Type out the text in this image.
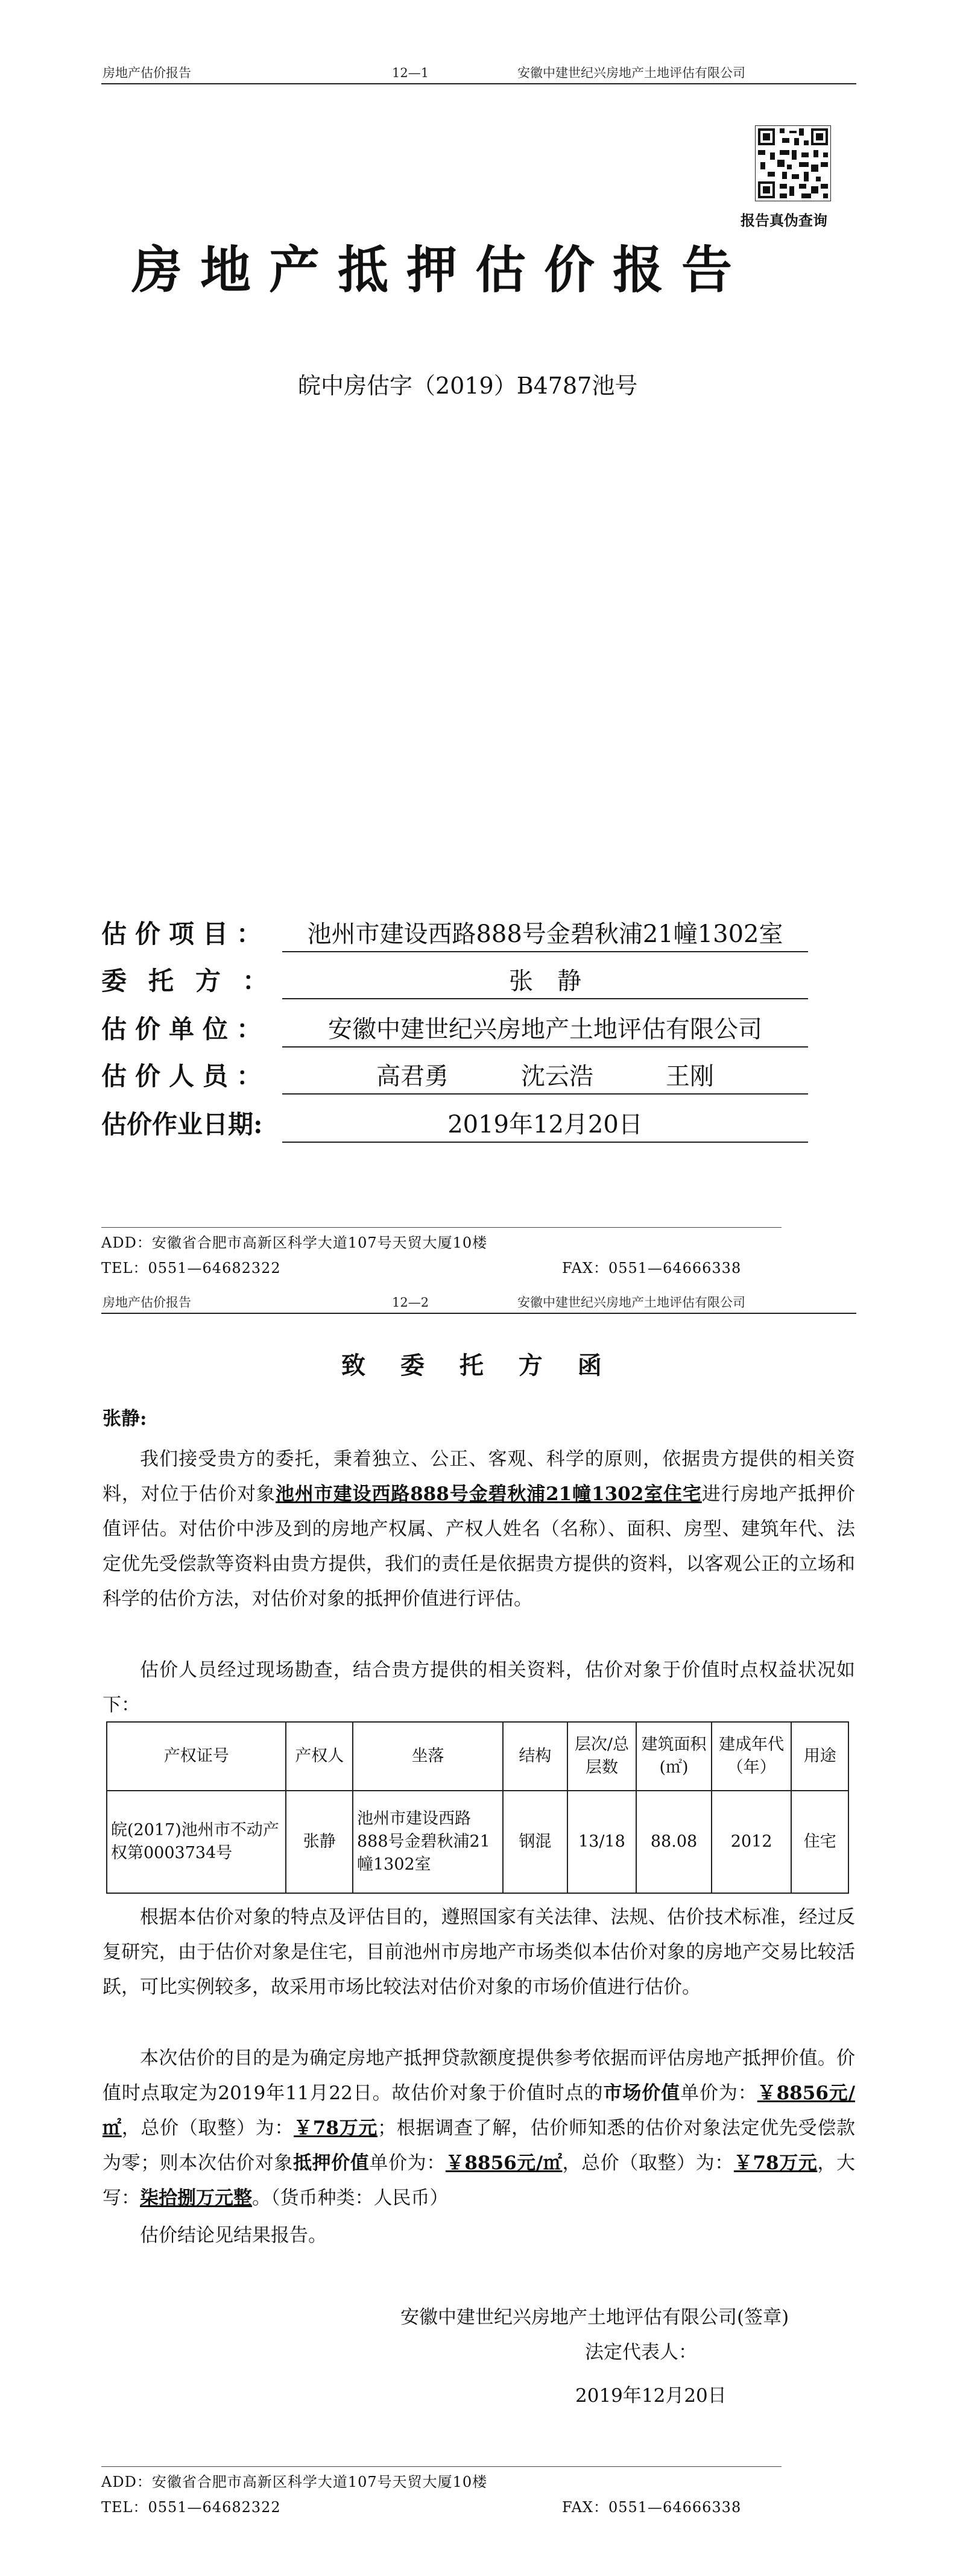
房地产估价报告	12—1	安徽中建世纪兴房地产土地评估有限公司
报告真伪查询
房地产抵押估价报告
皖中房估字（2019）B4787池号
估价项目：	池州市建设西路888号金碧秋浦21幢1302室
委托方：	张　静
估价单位：	安徽中建世纪兴房地产土地评估有限公司
估价人员：	高君勇　　　沈云浩　　　王刚
估价作业日期:	2019年12月20日
ADD：安徽省合肥市高新区科学大道107号天贸大厦10楼
TEL：0551—64682322	FAX：0551—64666338
房地产估价报告	12—2	安徽中建世纪兴房地产土地评估有限公司
致 委 托 方 函
张静:
我们接受贵方的委托，秉着独立、公正、客观、科学的原则，依据贵方提供的相关资料，对位于估价对象池州市建设西路888号金碧秋浦21幢1302室住宅进行房地产抵押价值评估。对估价中涉及到的房地产权属、产权人姓名（名称）、面积、房型、建筑年代、法定优先受偿款等资料由贵方提供，我们的责任是依据贵方提供的资料，以客观公正的立场和科学的估价方法，对估价对象的抵押价值进行评估。
估价人员经过现场勘查，结合贵方提供的相关资料，估价对象于价值时点权益状况如下：
产权证号	产权人	坐落	结构	层次/总层数	建筑面积(㎡)	建成年代（年）	用途
皖(2017)池州市不动产权第0003734号	张静	池州市建设西路888号金碧秋浦21幢1302室	钢混	13/18	88.08	2012	住宅
根据本估价对象的特点及评估目的，遵照国家有关法律、法规、估价技术标准，经过反复研究，由于估价对象是住宅，目前池州市房地产市场类似本估价对象的房地产交易比较活跃，可比实例较多，故采用市场比较法对估价对象的市场价值进行估价。
本次估价的目的是为确定房地产抵押贷款额度提供参考依据而评估房地产抵押价值。价值时点取定为2019年11月22日。故估价对象于价值时点的市场价值单价为：￥8856元/㎡，总价（取整）为：￥78万元；根据调查了解，估价师知悉的估价对象法定优先受偿款为零；则本次估价对象抵押价值单价为：￥8856元/㎡，总价（取整）为：￥78万元，大写：柒拾捌万元整。（货币种类：人民币）
估价结论见结果报告。
安徽中建世纪兴房地产土地评估有限公司(签章)
法定代表人：
2019年12月20日
ADD：安徽省合肥市高新区科学大道107号天贸大厦10楼
TEL：0551—64682322	FAX：0551—64666338
